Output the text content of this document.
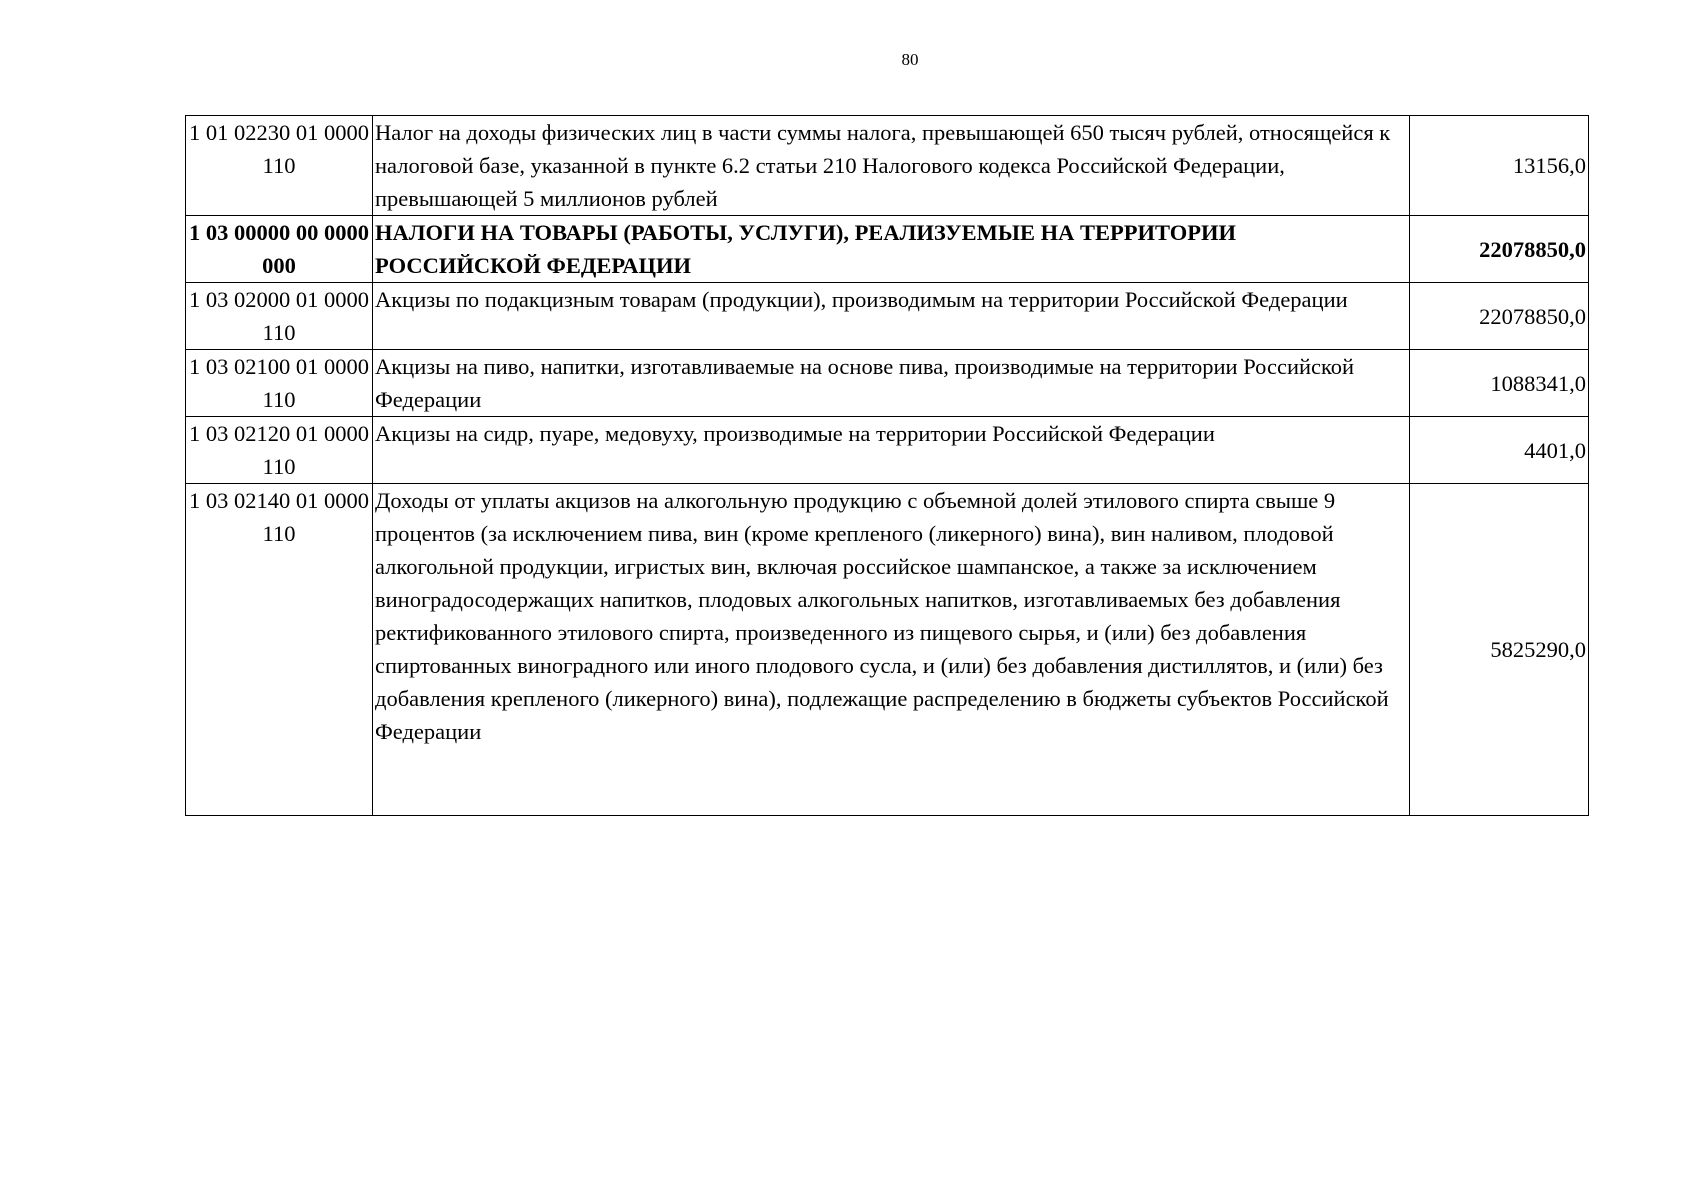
80
1 01 02230 01 0000 110	Налог на доходы физических лиц в части суммы налога, превышающей 650 тысяч рублей, относящейся к налоговой базе, указанной в пункте 6.2 статьи 210 Налогового кодекса Российской Федерации, превышающей 5 миллионов рублей	13156,0
1 03 00000 00 0000 000	НАЛОГИ НА ТОВАРЫ (РАБОТЫ, УСЛУГИ), РЕАЛИЗУЕМЫЕ НА ТЕРРИТОРИИ РОССИЙСКОЙ ФЕДЕРАЦИИ	22078850,0
1 03 02000 01 0000 110	Акцизы по подакцизным товарам (продукции), производимым на территории Российской Федерации	22078850,0
1 03 02100 01 0000 110	Акцизы на пиво, напитки, изготавливаемые на основе пива, производимые на территории Российской Федерации	1088341,0
1 03 02120 01 0000 110	Акцизы на сидр, пуаре, медовуху, производимые на территории Российской Федерации	4401,0
1 03 02140 01 0000 110	Доходы от уплаты акцизов на алкогольную продукцию с объемной долей этилового спирта свыше 9 процентов (за исключением пива, вин (кроме крепленого (ликерного) вина), вин наливом, плодовой алкогольной продукции, игристых вин, включая российское шампанское, а также за исключением виноградосодержащих напитков, плодовых алкогольных напитков, изготавливаемых без добавления ректификованного этилового спирта, произведенного из пищевого сырья, и (или) без добавления спиртованных виноградного или иного плодового сусла, и (или) без добавления дистиллятов, и (или) без добавления крепленого (ликерного) вина), подлежащие распределению в бюджеты субъектов Российской Федерации	5825290,0
